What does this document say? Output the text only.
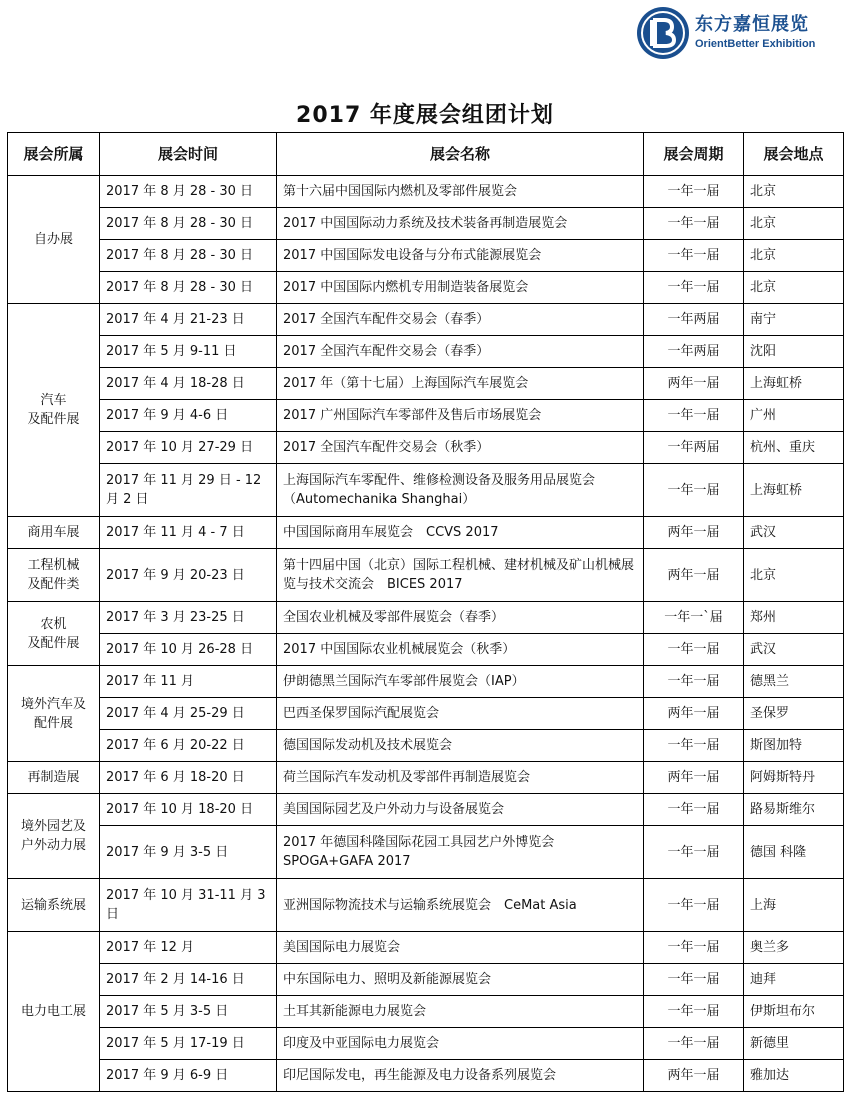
东方嘉恒展览
OrientBetter Exhibition
2017 年度展会组团计划
展会所属	展会时间	展会名称	展会周期	展会地点
自办展	2017 年 8 月 28 - 30 日	第十六届中国国际内燃机及零部件展览会	一年一届	北京
	2017 年 8 月 28 - 30 日	2017 中国国际动力系统及技术装备再制造展览会	一年一届	北京
	2017 年 8 月 28 - 30 日	2017 中国国际发电设备与分布式能源展览会	一年一届	北京
	2017 年 8 月 28 - 30 日	2017 中国国际内燃机专用制造装备展览会	一年一届	北京
汽车
及配件展	2017 年 4 月 21-23 日	2017 全国汽车配件交易会（春季）	一年两届	南宁
	2017 年 5 月 9-11 日	2017 全国汽车配件交易会（春季）	一年两届	沈阳
	2017 年 4 月 18-28 日	2017 年（第十七届）上海国际汽车展览会	两年一届	上海虹桥
	2017 年 9 月 4-6 日	2017 广州国际汽车零部件及售后市场展览会	一年一届	广州
	2017 年 10 月 27-29 日	2017 全国汽车配件交易会（秋季）	一年两届	杭州、重庆
	2017 年 11 月 29 日 - 12 月 2 日	上海国际汽车零配件、维修检测设备及服务用品展览会（Automechanika Shanghai）	一年一届	上海虹桥
商用车展	2017 年 11 月 4 - 7 日	中国国际商用车展览会　CCVS 2017	两年一届	武汉
工程机械
及配件类	2017 年 9 月 20-23 日	第十四届中国（北京）国际工程机械、建材机械及矿山机械展览与技术交流会　BICES 2017	两年一届	北京
农机
及配件展	2017 年 3 月 23-25 日	全国农业机械及零部件展览会（春季）	一年一`届	郑州
	2017 年 10 月 26-28 日	2017 中国国际农业机械展览会（秋季）	一年一届	武汉
境外汽车及
配件展	2017 年 11 月	伊朗德黑兰国际汽车零部件展览会（IAP）	一年一届	德黑兰
	2017 年 4 月 25-29 日	巴西圣保罗国际汽配展览会	两年一届	圣保罗
	2017 年 6 月 20-22 日	德国国际发动机及技术展览会	一年一届	斯图加特
再制造展	2017 年 6 月 18-20 日	荷兰国际汽车发动机及零部件再制造展览会	两年一届	阿姆斯特丹
境外园艺及
户外动力展	2017 年 10 月 18-20 日	美国国际园艺及户外动力与设备展览会	一年一届	路易斯维尔
	2017 年 9 月 3-5 日	2017 年德国科隆国际花园工具园艺户外博览会 SPOGA+GAFA 2017	一年一届	德国 科隆
运输系统展	2017 年 10 月 31-11 月 3 日	亚洲国际物流技术与运输系统展览会　CeMat Asia	一年一届	上海
电力电工展	2017 年 12 月	美国国际电力展览会	一年一届	奥兰多
	2017 年 2 月 14-16 日	中东国际电力、照明及新能源展览会	一年一届	迪拜
	2017 年 5 月 3-5 日	土耳其新能源电力展览会	一年一届	伊斯坦布尔
	2017 年 5 月 17-19 日	印度及中亚国际电力展览会	一年一届	新德里
	2017 年 9 月 6-9 日	印尼国际发电，再生能源及电力设备系列展览会	两年一届	雅加达
